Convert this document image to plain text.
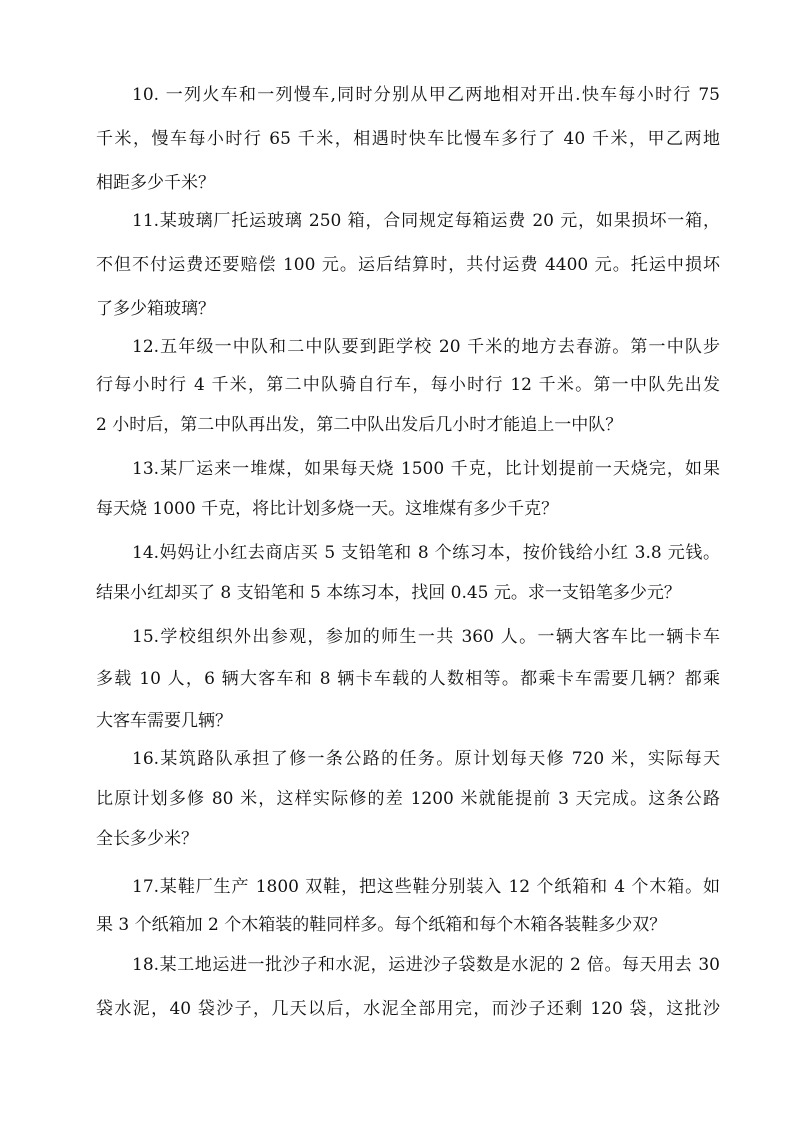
10. 一列火车和一列慢车,同时分别从甲乙两地相对开出.快车每小时行 75
千米，慢车每小时行 65 千米，相遇时快车比慢车多行了 40 千米，甲乙两地
相距多少千米？
11.某玻璃厂托运玻璃 250 箱，合同规定每箱运费 20 元，如果损坏一箱，
不但不付运费还要赔偿 100 元。运后结算时，共付运费 4400 元。托运中损坏
了多少箱玻璃？
12.五年级一中队和二中队要到距学校 20 千米的地方去春游。第一中队步
行每小时行 4 千米，第二中队骑自行车，每小时行 12 千米。第一中队先出发
2 小时后，第二中队再出发，第二中队出发后几小时才能追上一中队？
13.某厂运来一堆煤，如果每天烧 1500 千克，比计划提前一天烧完，如果
每天烧 1000 千克，将比计划多烧一天。这堆煤有多少千克？
14.妈妈让小红去商店买 5 支铅笔和 8 个练习本，按价钱给小红 3.8 元钱。
结果小红却买了 8 支铅笔和 5 本练习本，找回 0.45 元。求一支铅笔多少元？
15.学校组织外出参观，参加的师生一共 360 人。一辆大客车比一辆卡车
多载 10 人，6 辆大客车和 8 辆卡车载的人数相等。都乘卡车需要几辆？都乘
大客车需要几辆？
16.某筑路队承担了修一条公路的任务。原计划每天修 720 米，实际每天
比原计划多修 80 米，这样实际修的差 1200 米就能提前 3 天完成。这条公路
全长多少米？
17.某鞋厂生产 1800 双鞋，把这些鞋分别装入 12 个纸箱和 4 个木箱。如
果 3 个纸箱加 2 个木箱装的鞋同样多。每个纸箱和每个木箱各装鞋多少双？
18.某工地运进一批沙子和水泥，运进沙子袋数是水泥的 2 倍。每天用去 30
袋水泥，40 袋沙子，几天以后，水泥全部用完，而沙子还剩 120 袋，这批沙
